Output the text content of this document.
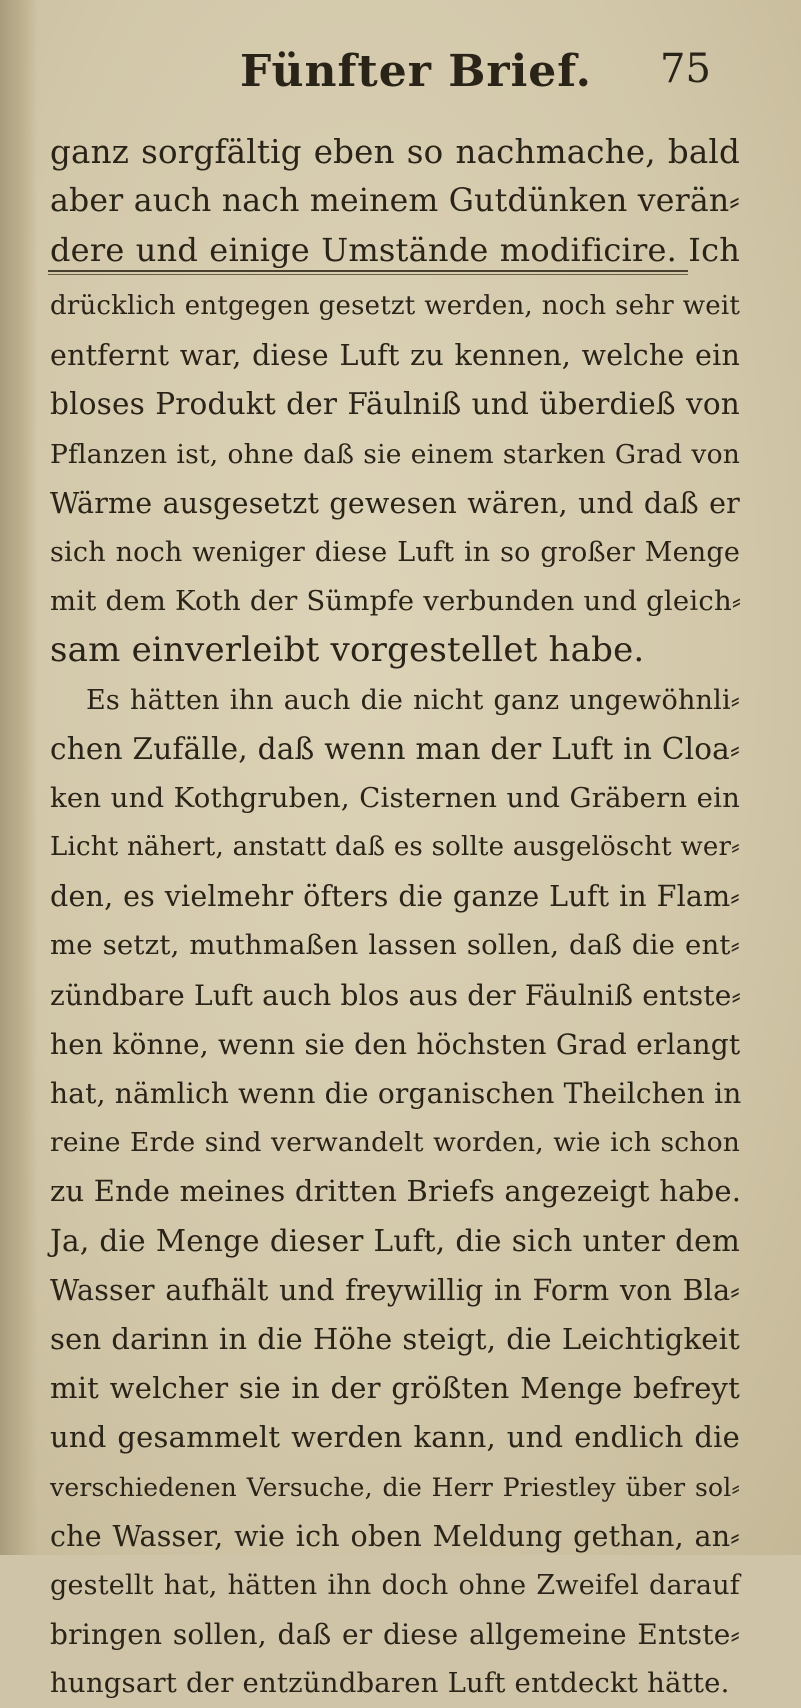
Fünfter Brief. 75
ganz sorgfältig eben so nachmache, bald
aber auch nach meinem Gutdünken verän⸗
dere und einige Umstände modificire. Ich
drücklich entgegen gesetzt werden, noch sehr weit
entfernt war, diese Luft zu kennen, welche ein
bloses Produkt der Fäulniß und überdieß von
Pflanzen ist, ohne daß sie einem starken Grad von
Wärme ausgesetzt gewesen wären, und daß er
sich noch weniger diese Luft in so großer Menge
mit dem Koth der Sümpfe verbunden und gleich⸗
sam einverleibt vorgestellet habe.
Es hätten ihn auch die nicht ganz ungewöhnli⸗
chen Zufälle, daß wenn man der Luft in Cloa⸗
ken und Kothgruben, Cisternen und Gräbern ein
Licht nähert, anstatt daß es sollte ausgelöscht wer⸗
den, es vielmehr öfters die ganze Luft in Flam⸗
me setzt, muthmaßen lassen sollen, daß die ent⸗
zündbare Luft auch blos aus der Fäulniß entste⸗
hen könne, wenn sie den höchsten Grad erlangt
hat, nämlich wenn die organischen Theilchen in
reine Erde sind verwandelt worden, wie ich schon
zu Ende meines dritten Briefs angezeigt habe.
Ja, die Menge dieser Luft, die sich unter dem
Wasser aufhält und freywillig in Form von Bla⸗
sen darinn in die Höhe steigt, die Leichtigkeit
mit welcher sie in der größten Menge befreyt
und gesammelt werden kann, und endlich die
verschiedenen Versuche, die Herr Priestley über sol⸗
che Wasser, wie ich oben Meldung gethan, an⸗
gestellt hat, hätten ihn doch ohne Zweifel darauf
bringen sollen, daß er diese allgemeine Entste⸗
hungsart der entzündbaren Luft entdeckt hätte.
